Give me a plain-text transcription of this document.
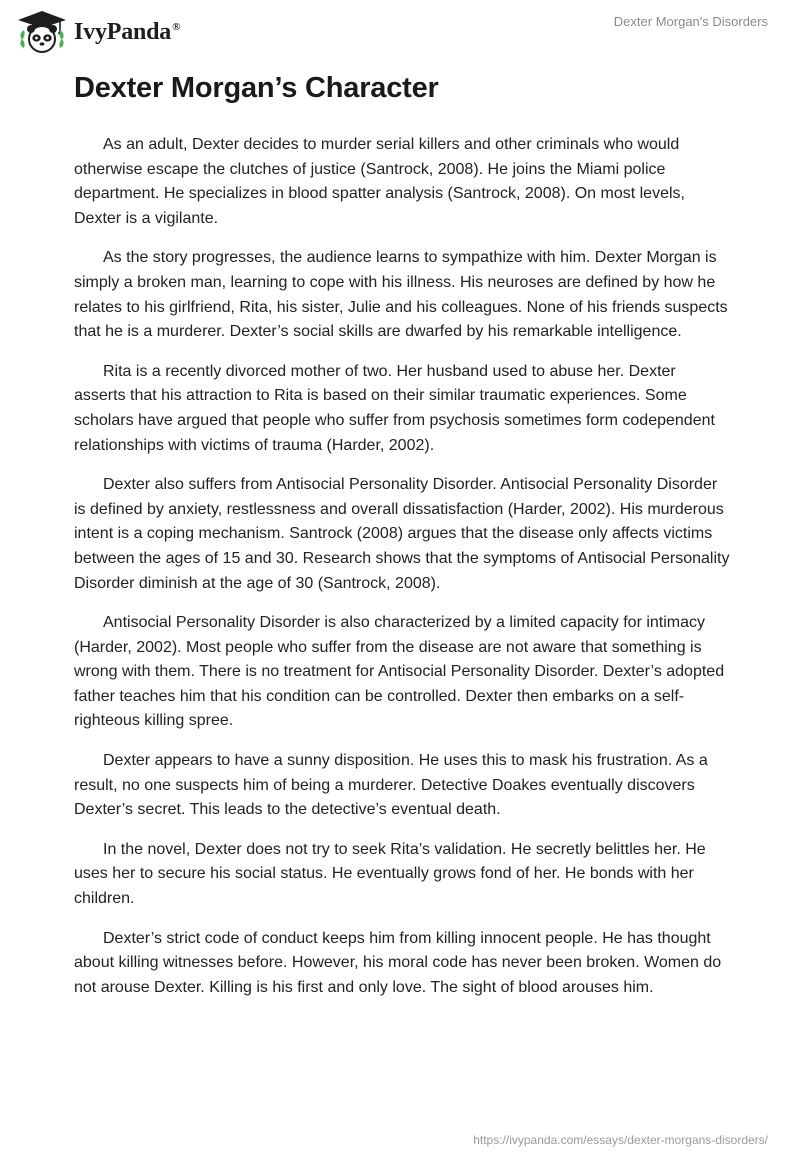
IvyPanda®	Dexter Morgan's Disorders
Dexter Morgan’s Character

As an adult, Dexter decides to murder serial killers and other criminals who would otherwise escape the clutches of justice (Santrock, 2008). He joins the Miami police department. He specializes in blood spatter analysis (Santrock, 2008). On most levels, Dexter is a vigilante.

As the story progresses, the audience learns to sympathize with him. Dexter Morgan is simply a broken man, learning to cope with his illness. His neuroses are defined by how he relates to his girlfriend, Rita, his sister, Julie and his colleagues. None of his friends suspects that he is a murderer. Dexter’s social skills are dwarfed by his remarkable intelligence.

Rita is a recently divorced mother of two. Her husband used to abuse her. Dexter asserts that his attraction to Rita is based on their similar traumatic experiences. Some scholars have argued that people who suffer from psychosis sometimes form codependent relationships with victims of trauma (Harder, 2002).

Dexter also suffers from Antisocial Personality Disorder. Antisocial Personality Disorder is defined by anxiety, restlessness and overall dissatisfaction (Harder, 2002). His murderous intent is a coping mechanism. Santrock (2008) argues that the disease only affects victims between the ages of 15 and 30. Research shows that the symptoms of Antisocial Personality Disorder diminish at the age of 30 (Santrock, 2008).

Antisocial Personality Disorder is also characterized by a limited capacity for intimacy (Harder, 2002). Most people who suffer from the disease are not aware that something is wrong with them. There is no treatment for Antisocial Personality Disorder. Dexter’s adopted father teaches him that his condition can be controlled. Dexter then embarks on a self-righteous killing spree.

Dexter appears to have a sunny disposition. He uses this to mask his frustration. As a result, no one suspects him of being a murderer. Detective Doakes eventually discovers Dexter’s secret. This leads to the detective’s eventual death.

In the novel, Dexter does not try to seek Rita’s validation. He secretly belittles her. He uses her to secure his social status. He eventually grows fond of her. He bonds with her children.

Dexter’s strict code of conduct keeps him from killing innocent people. He has thought about killing witnesses before. However, his moral code has never been broken. Women do not arouse Dexter. Killing is his first and only love. The sight of blood arouses him.

https://ivypanda.com/essays/dexter-morgans-disorders/
